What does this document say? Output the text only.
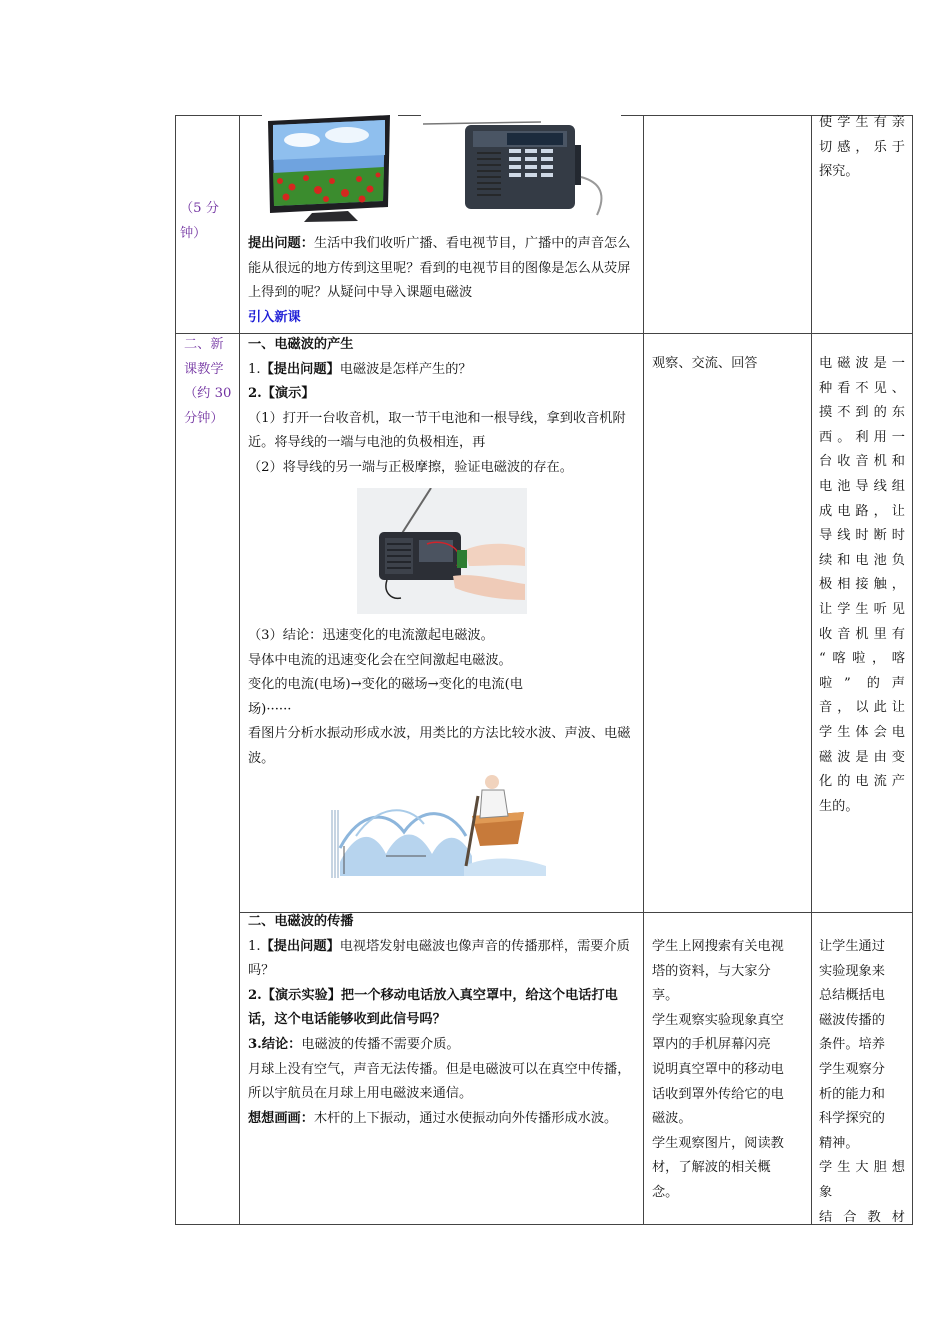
（5 分钟）
提出问题：生活中我们收听广播、看电视节目，广播中的声音怎么能从很远的地方传到这里呢？看到的电视节目的图像是怎么从荧屏上得到的呢？从疑问中导入课题电磁波
引入新课

使学生有亲

切感，乐于

探究。

二、新

课教学

（约 30

分钟）

一、电磁波的产生

1.【提出问题】电磁波是怎样产生的？

2.【演示】

（1）打开一台收音机，取一节干电池和一根导线，拿到收音机附近。将导线的一端与电池的负极相连，再

（2）将导线的另一端与正极摩擦，验证电磁波的存在。

（3）结论：迅速变化的电流激起电磁波。

导体中电流的迅速变化会在空间激起电磁波。

变化的电流(电场)→变化的磁场→变化的电流(电

场)······

看图片分析水振动形成水波，用类比的方法比较水波、声波、电磁波。

观察、交流、回答	电磁波是一

种看不见、

摸不到的东

西。利用一

台收音机和

电池导线组

成电路，让

导线时断时

续和电池负

极相接触，

让学生听见

收音机里有

“喀啦，喀

啦” 的声

音，以此让

学生体会电

磁波是由变

化的电流产

生的。

二、电磁波的传播

1.【提出问题】电视塔发射电磁波也像声音的传播那样，需要介质吗？

2.【演示实验】把一个移动电话放入真空罩中，给这个电话打电话，这个电话能够收到此信号吗？

3.结论：电磁波的传播不需要介质。

月球上没有空气，声音无法传播。但是电磁波可以在真空中传播，所以宇航员在月球上用电磁波来通信。

想想画画：木杆的上下振动，通过水使振动向外传播形成水波。

学生上网搜索有关电视

塔的资料，与大家分

享。

学生观察实验现象真空

罩内的手机屏幕闪亮

说明真空罩中的移动电

话收到罩外传给它的电

磁波。

学生观察图片，阅读教

材，了解波的相关概

念。

让学生通过

实验现象来

总结概括电

磁波传播的

条件。培养

学生观察分

析的能力和

科学探究的

精神。

学生大胆想

象

结合教材
